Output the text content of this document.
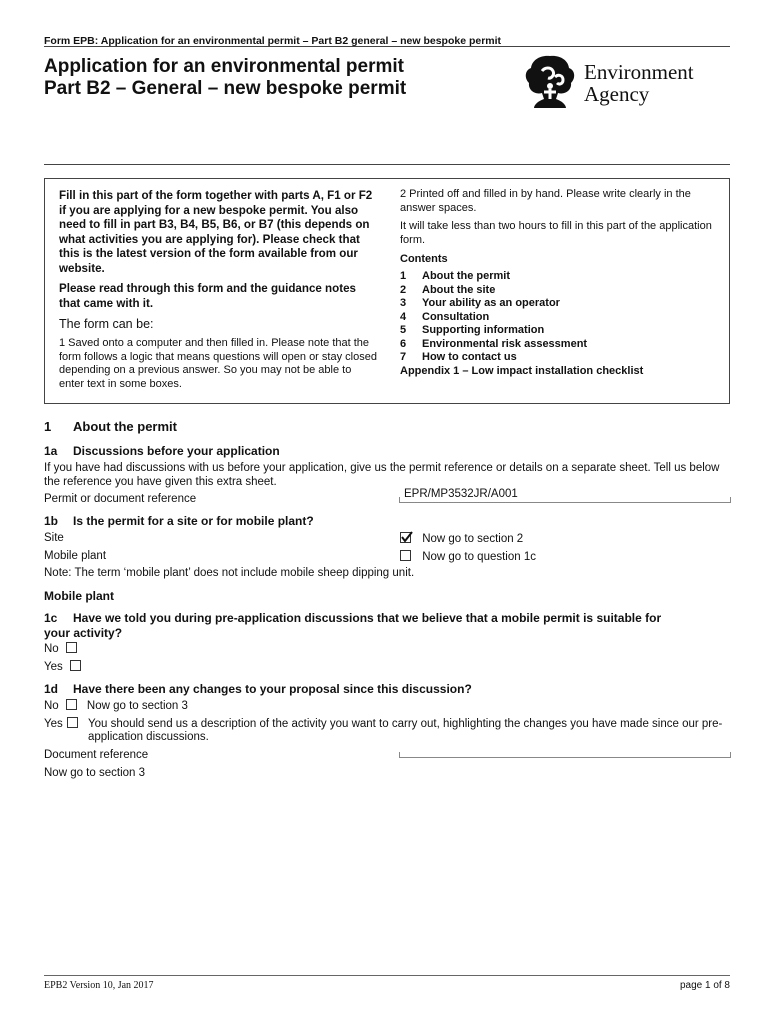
Form EPB: Application for an environmental permit – Part B2 general – new bespoke permit
Application for an environmental permit
Part B2 – General – new bespoke permit
Environment
Agency

Fill in this part of the form together with parts A, F1 or F2 if you are applying for a new bespoke permit. You also need to fill in part B3, B4, B5, B6, or B7 (this depends on what activities you are applying for). Please check that this is the latest version of the form available from our website.

Please read through this form and the guidance notes that came with it.

The form can be:

1 Saved onto a computer and then filled in. Please note that the form follows a logic that means questions will open or stay closed depending on a previous answer. So you may not be able to enter text in some boxes.

2 Printed off and filled in by hand. Please write clearly in the answer spaces.

It will take less than two hours to fill in this part of the application form.

Contents
1	About the permit
2	About the site
3	Your ability as an operator
4	Consultation
5	Supporting information
6	Environmental risk assessment
7	How to contact us
Appendix 1 – Low impact installation checklist
1 About the permit
1a Discussions before your application
If you have had discussions with us before your application, give us the permit reference or details on a separate sheet. Tell us below
the reference you have given this extra sheet.
Permit or document reference	EPR/MP3532JR/A001
1b Is the permit for a site or for mobile plant?
Site	Now go to section 2
Mobile plant	Now go to question 1c
Note: The term ‘mobile plant’ does not include mobile sheep dipping unit.
Mobile plant
1c Have we told you during pre-application discussions that we believe that a mobile permit is suitable for
your activity?
No
Yes
1d Have there been any changes to your proposal since this discussion?
No Now go to section 3
Yes You should send us a description of the activity you want to carry out, highlighting the changes you have made since our pre-
application discussions.
Document reference
Now go to section 3
EPB2 Version 10, Jan 2017	page 1 of 8
